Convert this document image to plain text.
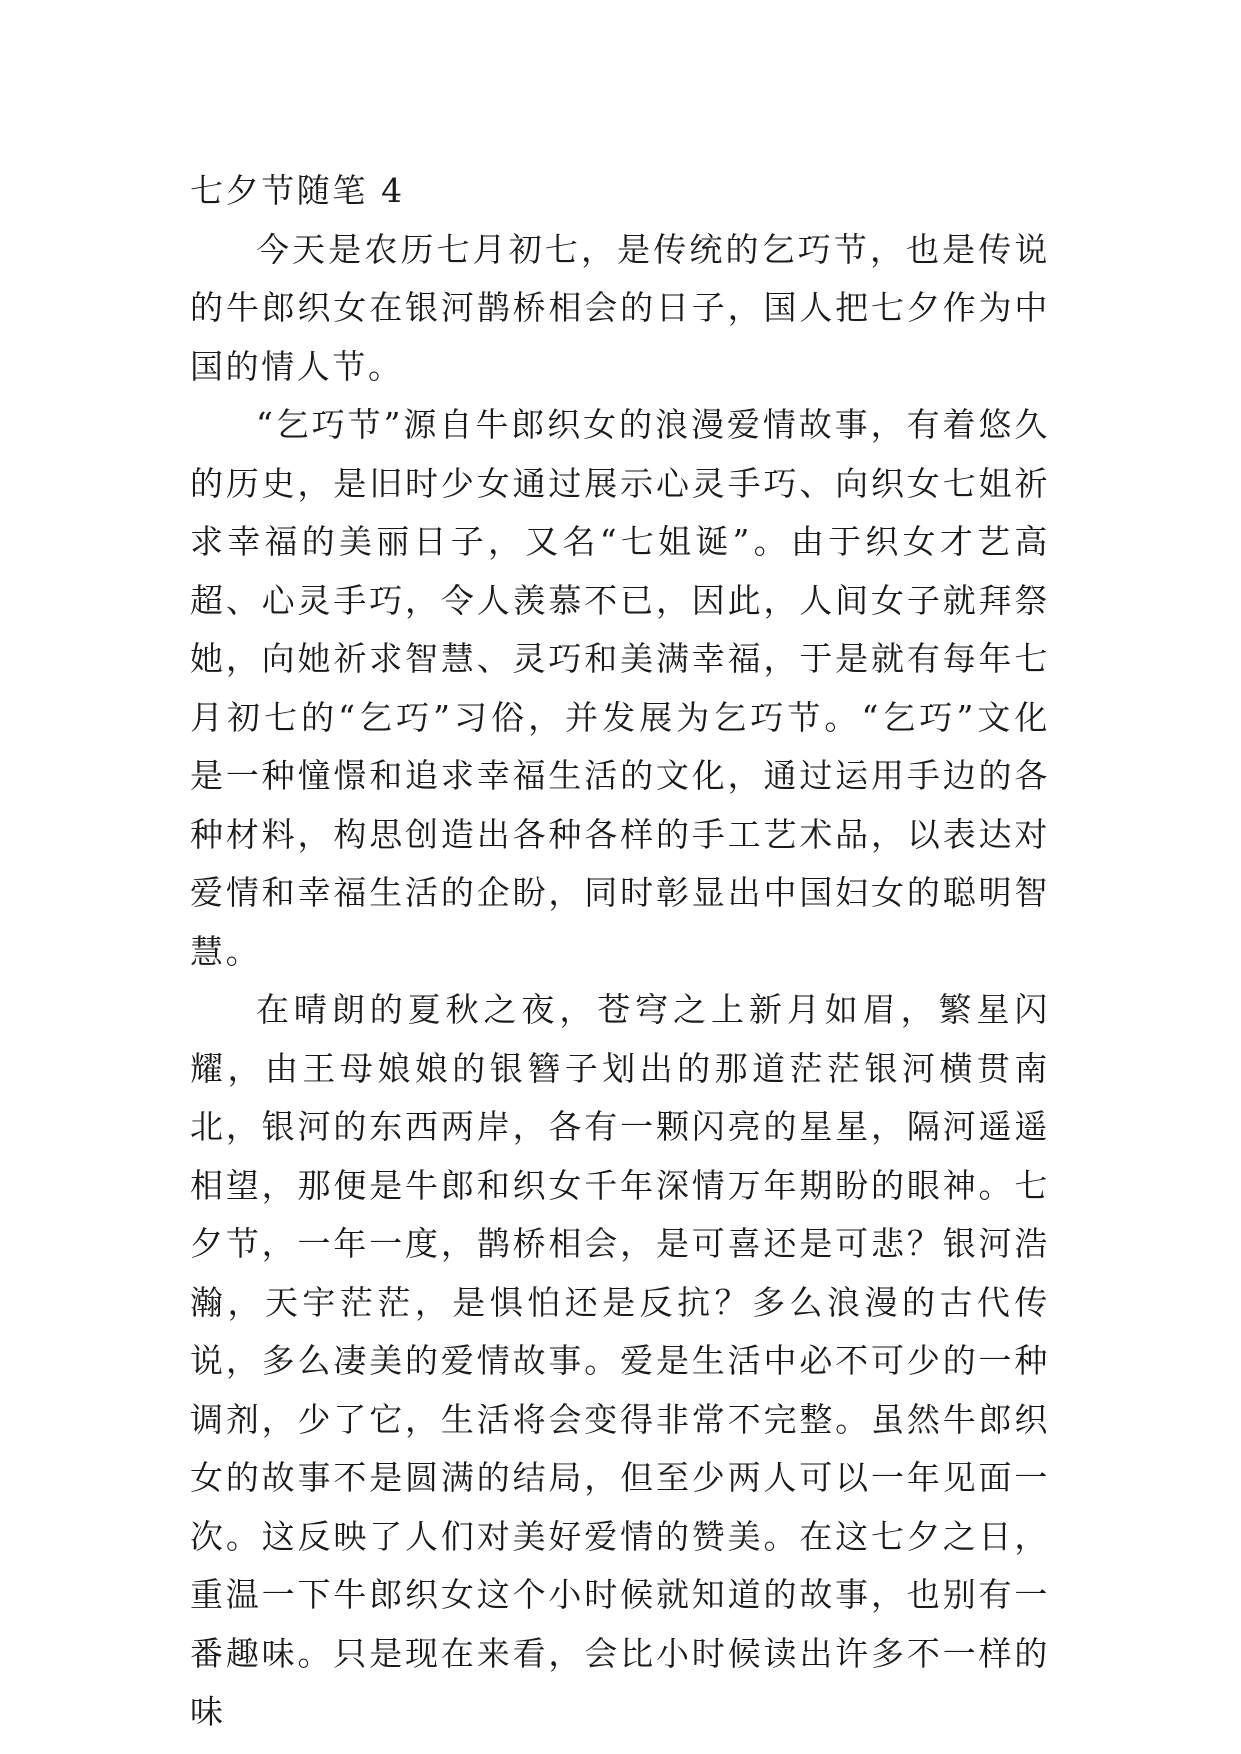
七夕节随笔 4

今天是农历七月初七，是传统的乞巧节，也是传说的牛郎织女在银河鹊桥相会的日子，国人把七夕作为中国的情人节。

“乞巧节”源自牛郎织女的浪漫爱情故事，有着悠久的历史，是旧时少女通过展示心灵手巧、向织女七姐祈求幸福的美丽日子，又名“七姐诞”。由于织女才艺高超、心灵手巧，令人羡慕不已，因此，人间女子就拜祭她，向她祈求智慧、灵巧和美满幸福，于是就有每年七月初七的“乞巧”习俗，并发展为乞巧节。“乞巧”文化是一种憧憬和追求幸福生活的文化，通过运用手边的各种材料，构思创造出各种各样的手工艺术品，以表达对爱情和幸福生活的企盼，同时彰显出中国妇女的聪明智慧。

在晴朗的夏秋之夜，苍穹之上新月如眉，繁星闪耀，由王母娘娘的银簪子划出的那道茫茫银河横贯南北，银河的东西两岸，各有一颗闪亮的星星，隔河遥遥相望，那便是牛郎和织女千年深情万年期盼的眼神。七夕节，一年一度，鹊桥相会，是可喜还是可悲？银河浩瀚，天宇茫茫，是惧怕还是反抗？多么浪漫的古代传说，多么凄美的爱情故事。爱是生活中必不可少的一种调剂，少了它，生活将会变得非常不完整。虽然牛郎织女的故事不是圆满的结局，但至少两人可以一年见面一次。这反映了人们对美好爱情的赞美。在这七夕之日，重温一下牛郎织女这个小时候就知道的故事，也别有一番趣味。只是现在来看，会比小时候读出许多不一样的味
